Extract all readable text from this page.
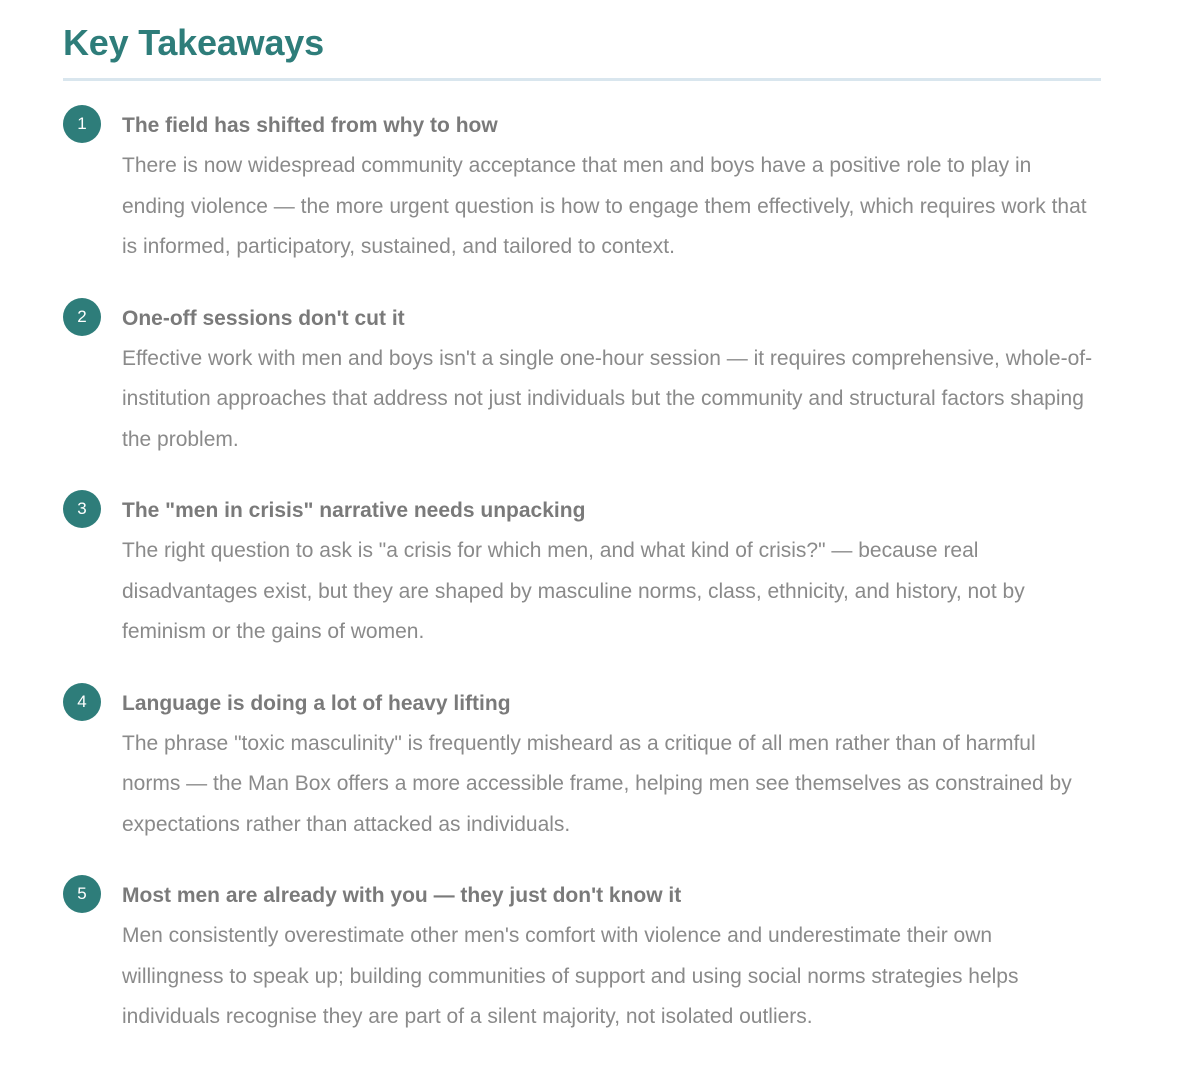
Key Takeaways
1	The field has shifted from why to how

There is now widespread community acceptance that men and boys have a positive role to play in ending violence — the more urgent question is how to engage them effectively, which requires work that is informed, participatory, sustained, and tailored to context.

2	One-off sessions don't cut it

Effective work with men and boys isn't a single one-hour session — it requires comprehensive, whole-of-institution approaches that address not just individuals but the community and structural factors shaping the problem.

3	The "men in crisis" narrative needs unpacking

The right question to ask is "a crisis for which men, and what kind of crisis?" — because real disadvantages exist, but they are shaped by masculine norms, class, ethnicity, and history, not by feminism or the gains of women.

4	Language is doing a lot of heavy lifting

The phrase "toxic masculinity" is frequently misheard as a critique of all men rather than of harmful norms — the Man Box offers a more accessible frame, helping men see themselves as constrained by expectations rather than attacked as individuals.

5	Most men are already with you — they just don't know it

Men consistently overestimate other men's comfort with violence and underestimate their own willingness to speak up; building communities of support and using social norms strategies helps individuals recognise they are part of a silent majority, not isolated outliers.
